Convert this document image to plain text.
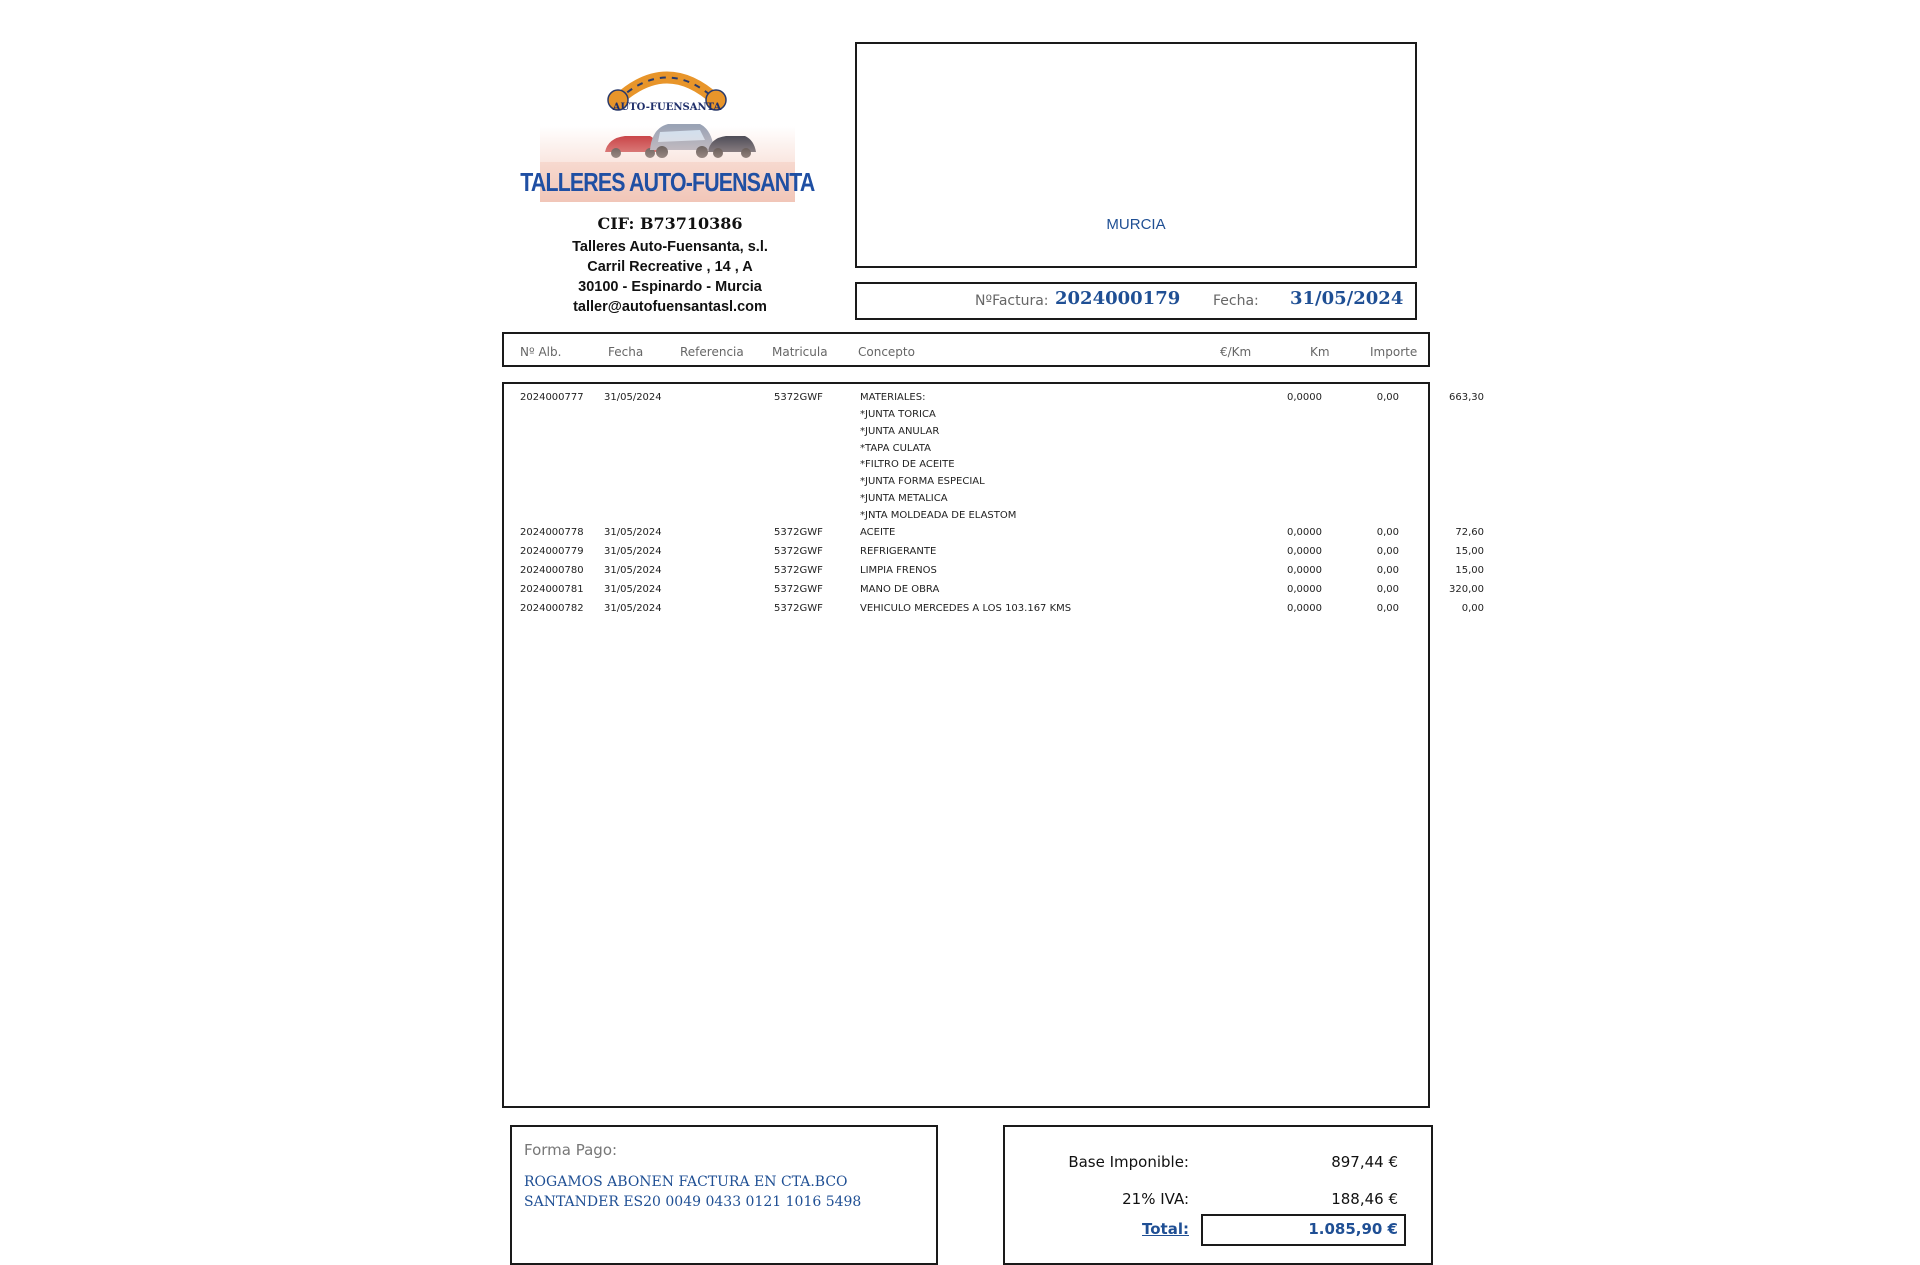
AUTO-FUENSANTA
TALLERES AUTO-FUENSANTA
CIF: B73710386
Talleres Auto-Fuensanta, s.l.
Carril Recreative , 14 , A
30100 - Espinardo - Murcia
taller@autofuensantasl.com
MURCIA
NºFactura: 2024000179 Fecha: 31/05/2024
Nº Alb.	Fecha	Referencia Matricula	Concepto	€/Km	Km	Importe
2024000777 31/05/2024	5372GWF	MATERIALES:	0,0000	0,00	663,30
*JUNTA TORICA
*JUNTA ANULAR
*TAPA CULATA
*FILTRO DE ACEITE
*JUNTA FORMA ESPECIAL
*JUNTA METALICA
*JNTA MOLDEADA DE ELASTOM
2024000778 31/05/2024	5372GWF	ACEITE	0,0000	0,00	72,60
2024000779 31/05/2024	5372GWF	REFRIGERANTE	0,0000	0,00	15,00
2024000780 31/05/2024	5372GWF	LIMPIA FRENOS	0,0000	0,00	15,00
2024000781 31/05/2024	5372GWF	MANO DE OBRA	0,0000	0,00	320,00
2024000782 31/05/2024	5372GWF	VEHICULO MERCEDES A LOS 103.167 KMS	0,0000	0,00	0,00
Forma Pago:
ROGAMOS ABONEN FACTURA EN CTA.BCO
SANTANDER ES20 0049 0433 0121 1016 5498
Base Imponible:	897,44 €
21% IVA:	188,46 €
Total:	1.085,90 €
